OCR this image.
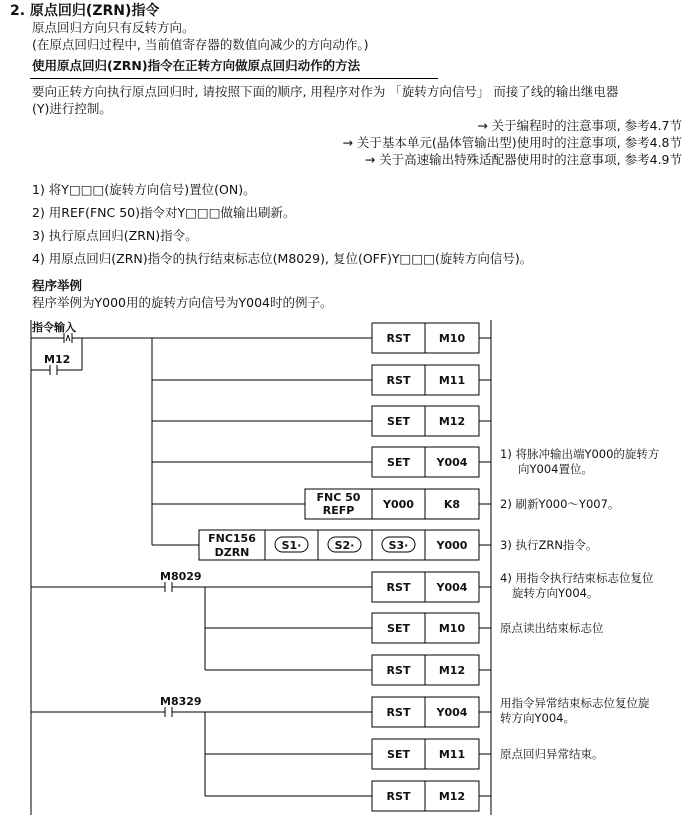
2. 原点回归(ZRN)指令
原点回归方向只有反转方向。
(在原点回归过程中, 当前值寄存器的数值向减少的方向动作。)
使用原点回归(ZRN)指令在正转方向做原点回归动作的方法
要向正转方向执行原点回归时, 请按照下面的顺序, 用程序对作为 「旋转方向信号」 而接了线的输出继电器
(Y)进行控制。
→ 关于编程时的注意事项, 参考4.7节
→ 关于基本单元(晶体管输出型)使用时的注意事项, 参考4.8节
→ 关于高速输出特殊适配器使用时的注意事项, 参考4.9节
1) 将Y□□□(旋转方向信号)置位(ON)。
2) 用REF(FNC 50)指令对Y□□□做输出刷新。
3) 执行原点回归(ZRN)指令。
4) 用原点回归(ZRN)指令的执行结束标志位(M8029), 复位(OFF)Y□□□(旋转方向信号)。
程序举例
程序举例为Y000用的旋转方向信号为Y004时的例子。
指令输入
M12
M8029
M8329
RST	M10
RST	M11
SET	M12
SET Y004
FNC 50
REFP	Y000	K8
FNC156
DZRN
S1·	S2·	S3·	Y000
RST Y004
SET	M10
RST	M12
RST Y004
SET	M11
RST	M12
1) 将脉冲输出端Y000的旋转方
向Y004置位。
2) 刷新Y000～Y007。
3) 执行ZRN指令。
4) 用指令执行结束标志位复位
旋转方向Y004。
原点读出结束标志位
用指令异常结束标志位复位旋
转方向Y004。
原点回归异常结束。
